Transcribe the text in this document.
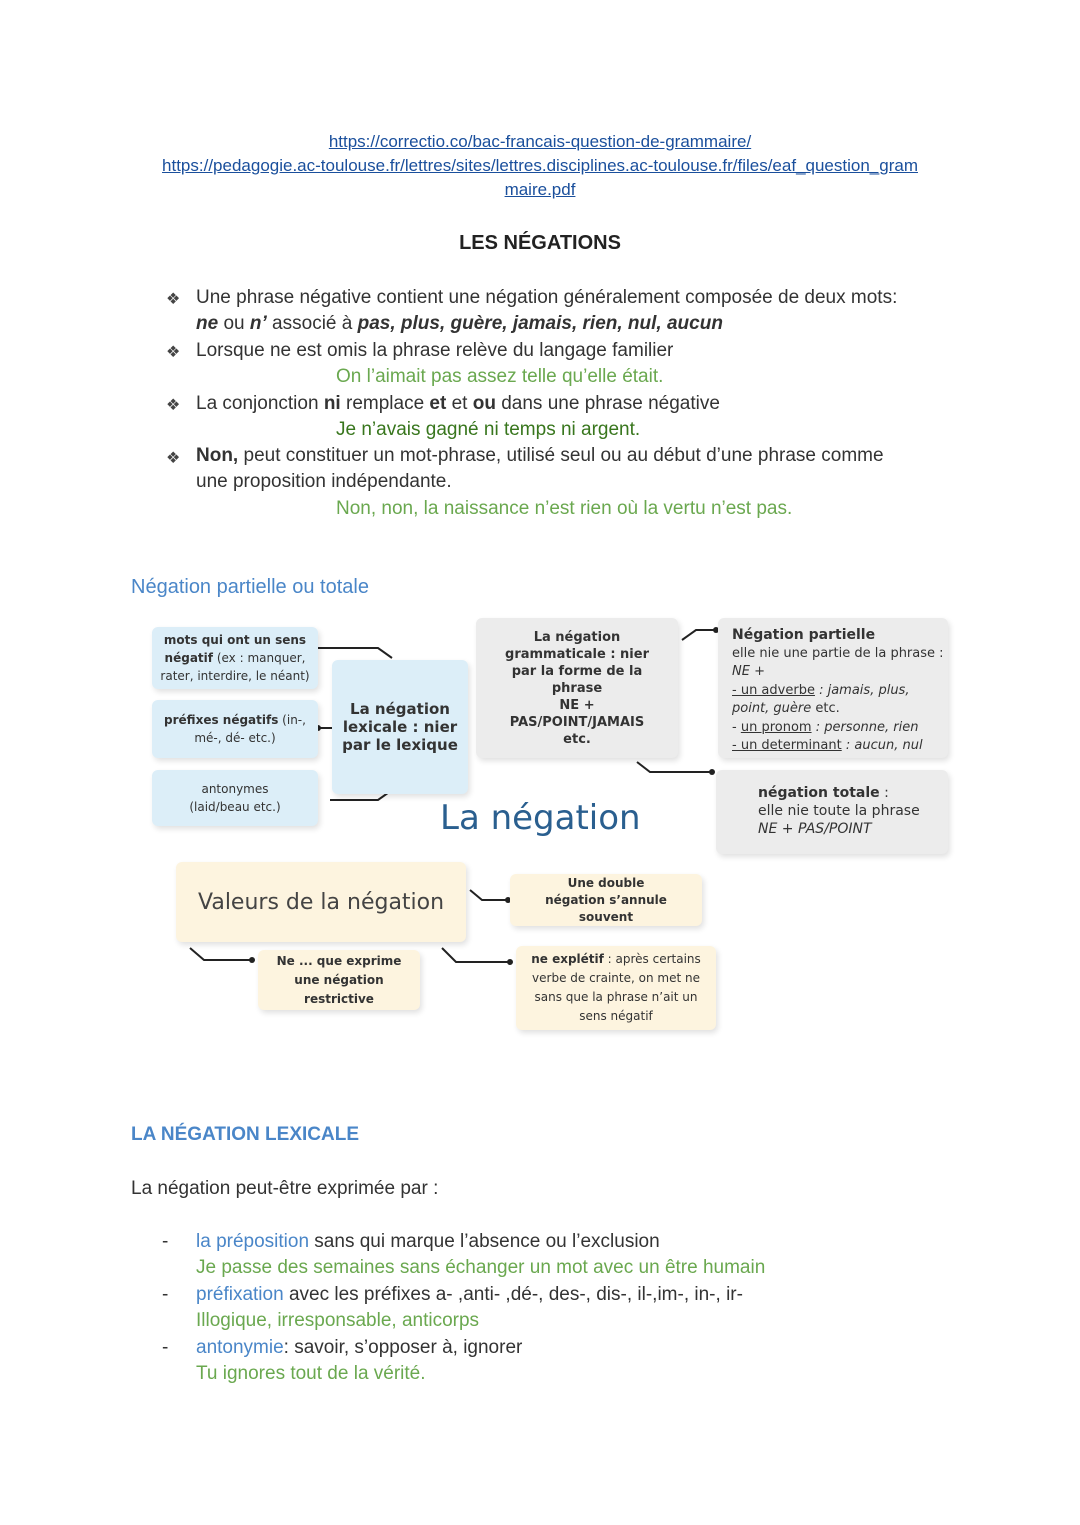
https://correctio.co/bac-francais-question-de-grammaire/
https://pedagogie.ac-toulouse.fr/lettres/sites/lettres.disciplines.ac-toulouse.fr/files/eaf_question_gram
maire.pdf
LES NÉGATIONS
❖ Une phrase négative contient une négation généralement composée de deux mots:
ne ou n’ associé à pas, plus, guère, jamais, rien, nul, aucun
❖ Lorsque ne est omis la phrase relève du langage familier
On l’aimait pas assez telle qu’elle était.
❖ La conjonction ni remplace et et ou dans une phrase négative
Je n’avais gagné ni temps ni argent.
❖ Non, peut constituer un mot-phrase, utilisé seul ou au début d’une phrase comme
une proposition indépendante.
Non, non, la naissance n’est rien où la vertu n’est pas.
Négation partielle ou totale
mots qui ont un sens négatif (ex : manquer, rater, interdire, le néant)
préfixes négatifs (in-, mé-, dé- etc.)
antonymes (laid/beau etc.)
La négation lexicale : nier par le lexique
La négation grammaticale : nier par la forme de la phrase
NE +
PAS/POINT/JAMAIS
etc.
Négation partielle
elle nie une partie de la phrase :
NE +
- un adverbe : jamais, plus,
point, guère etc.
- un pronom : personne, rien
- un determinant : aucun, nul
négation totale :
elle nie toute la phrase
NE + PAS/POINT
La négation
Valeurs de la négation
Une double négation s’annule souvent
Ne ... que exprime une négation restrictive
ne explétif : après certains verbe de crainte, on met ne sans que la phrase n’ait un sens négatif
LA NÉGATION LEXICALE
La négation peut-être exprimée par :
- la préposition sans qui marque l’absence ou l’exclusion
Je passe des semaines sans échanger un mot avec un être humain
- préfixation avec les préfixes a- ,anti- ,dé-, des-, dis-, il-,im-, in-, ir-
Illogique, irresponsable, anticorps
- antonymie: savoir, s’opposer à, ignorer
Tu ignores tout de la vérité.
